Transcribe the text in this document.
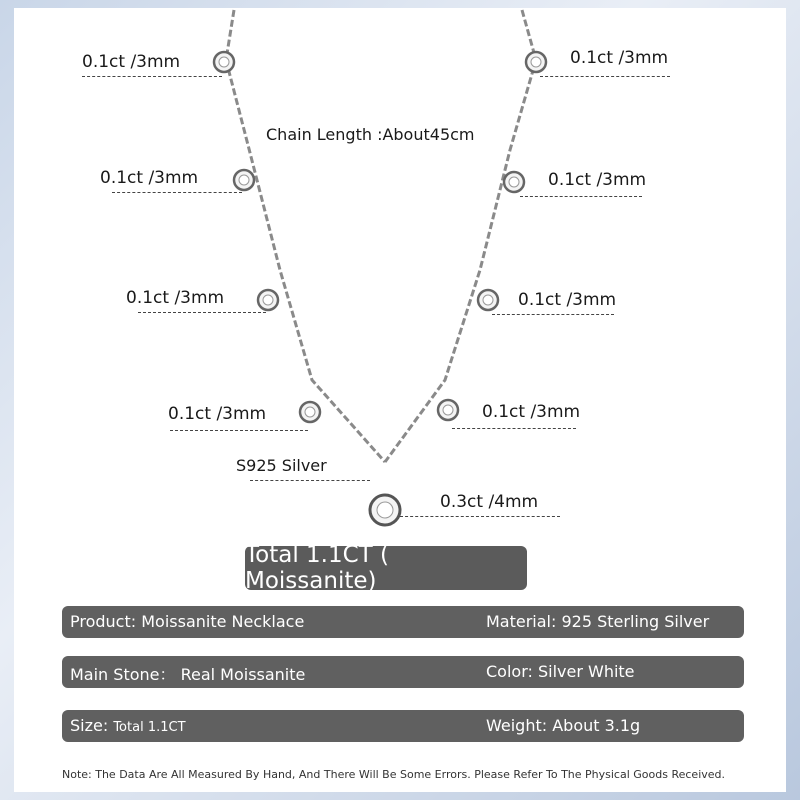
0.1ct /3mm	0.1ct /3mm
0.1ct /3mm	0.1ct /3mm
0.1ct /3mm	0.1ct /3mm
0.1ct /3mm	0.1ct /3mm
0.3ct /4mm
Chain Length :About45cm
S925 Silver
Total 1.1CT ( Moissanite)
Product: Moissanite Necklace	Material: 925 Sterling Silver
Main Stone： Real Moissanite	Color: Silver White
Size: Total 1.1CT	Weight: About 3.1g
Note: The Data Are All Measured By Hand, And There Will Be Some Errors. Please Refer To The Physical Goods Received.
